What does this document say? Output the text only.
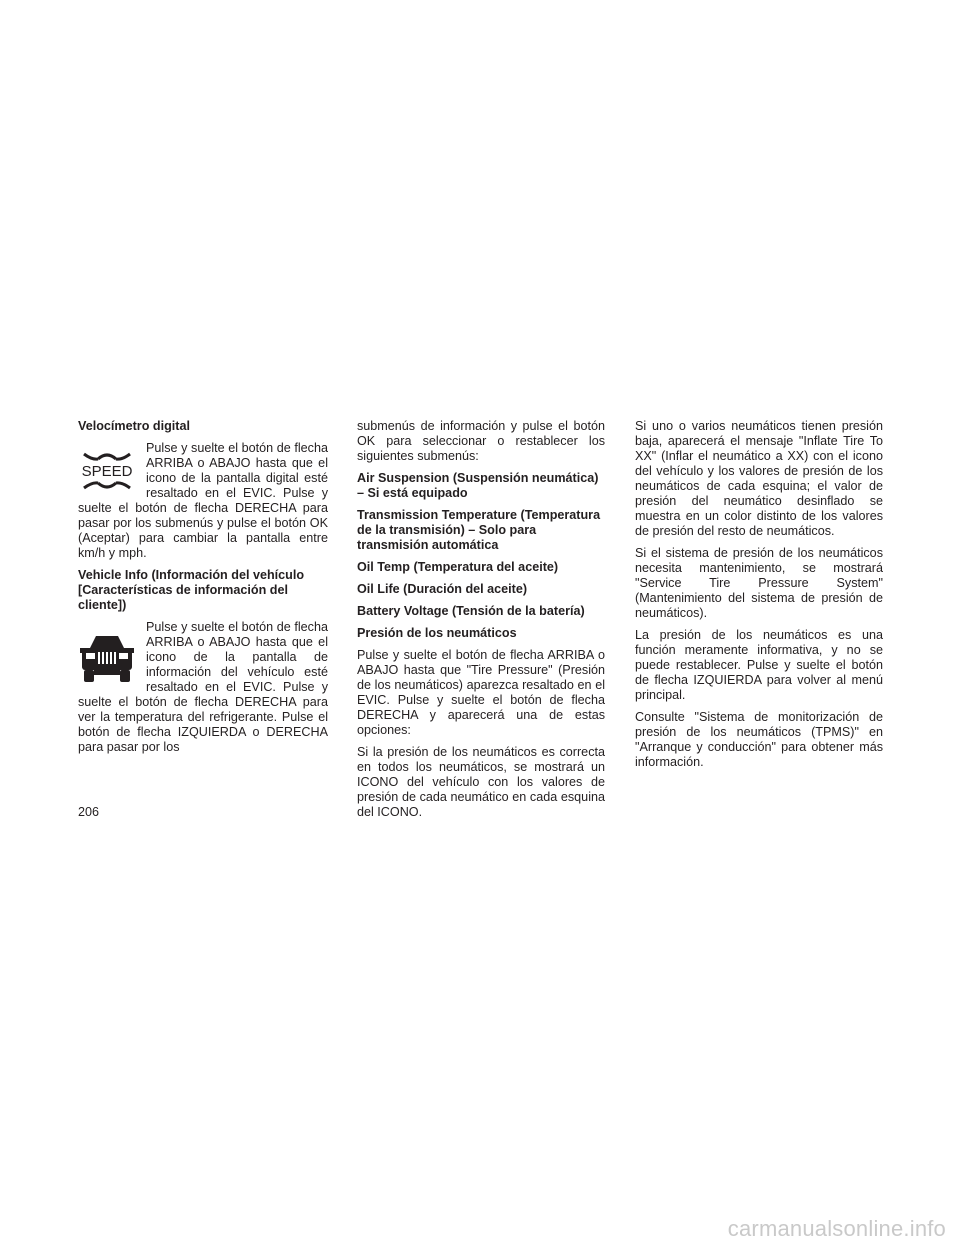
Velocímetro digital

SPEED
Pulse y suelte el botón de flecha ARRIBA o ABAJO hasta que el icono de la pantalla digital esté resaltado en el EVIC. Pulse y suelte el botón de flecha DERECHA para pasar por los submenús y pulse el botón OK (Aceptar) para cambiar la pantalla entre km/h y mph.

Vehicle Info (Información del vehículo [Características de información del cliente])

Pulse y suelte el botón de flecha ARRIBA o ABAJO hasta que el icono de la pantalla de información del vehículo esté resaltado en el EVIC. Pulse y suelte el botón de flecha DERECHA para ver la temperatura del refrigerante. Pulse el botón de flecha IZQUIERDA o DERECHA para pasar por los

submenús de información y pulse el botón OK para seleccionar o restablecer los siguientes submenús:

Air Suspension (Suspensión neumática) – Si está equipado

Transmission Temperature (Temperatura de la transmisión) – Solo para transmisión automática

Oil Temp (Temperatura del aceite)

Oil Life (Duración del aceite)

Battery Voltage (Tensión de la batería)

Presión de los neumáticos

Pulse y suelte el botón de flecha ARRIBA o ABAJO hasta que "Tire Pressure" (Presión de los neumáticos) aparezca resaltado en el EVIC. Pulse y suelte el botón de flecha DERECHA y aparecerá una de estas opciones:

Si la presión de los neumáticos es correcta en todos los neumáticos, se mostrará un ICONO del vehículo con los valores de presión de cada neumático en cada esquina del ICONO.

Si uno o varios neumáticos tienen presión baja, aparecerá el mensaje "Inflate Tire To XX" (Inflar el neumático a XX) con el icono del vehículo y los valores de presión de los neumáticos de cada esquina; el valor de presión del neumático desinflado se muestra en un color distinto de los valores de presión del resto de neumáticos.

Si el sistema de presión de los neumáticos necesita mantenimiento, se mostrará "Service Tire Pressure System" (Mantenimiento del sistema de presión de neumáticos).

La presión de los neumáticos es una función meramente informativa, y no se puede restablecer. Pulse y suelte el botón de flecha IZQUIERDA para volver al menú principal.

Consulte "Sistema de monitorización de presión de los neumáticos (TPMS)" en "Arranque y conducción" para obtener más información.

206
carmanualsonline.info
